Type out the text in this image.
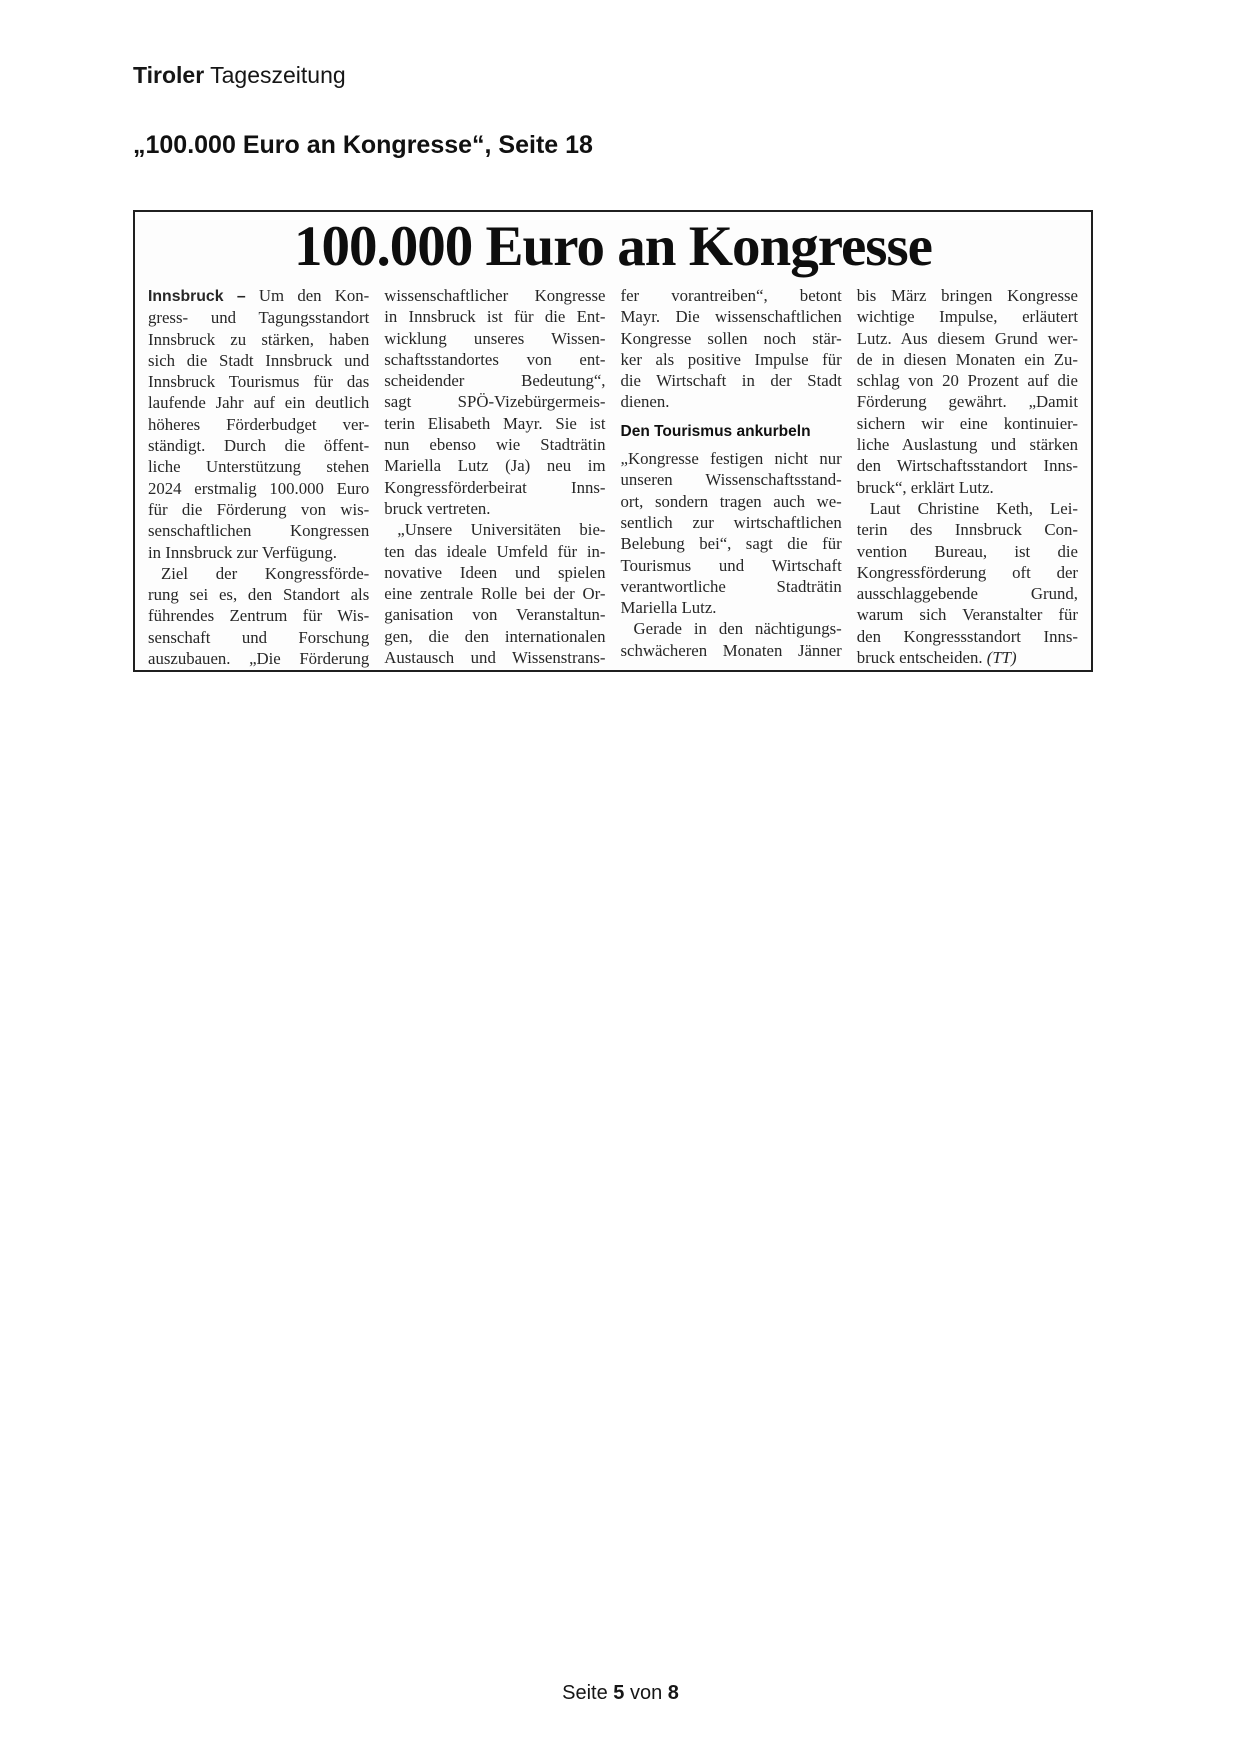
Tiroler Tageszeitung
„100.000 Euro an Kongresse“, Seite 18
100.000 Euro an Kongresse
Innsbruck – Um den Kon-
gress- und Tagungsstandort
Innsbruck zu stärken, haben
sich die Stadt Innsbruck und
Innsbruck Tourismus für das
laufende Jahr auf ein deutlich
höheres Förderbudget ver-
ständigt. Durch die öffent-
liche Unterstützung stehen
2024 erstmalig 100.000 Euro
für die Förderung von wis-
senschaftlichen Kongressen
in Innsbruck zur Verfügung.
Ziel der Kongressförde-
rung sei es, den Standort als
führendes Zentrum für Wis-
senschaft und Forschung
auszubauen. „Die Förderung
wissenschaftlicher Kongresse
in Innsbruck ist für die Ent-
wicklung unseres Wissen-
schaftsstandortes von ent-
scheidender Bedeutung“,
sagt SPÖ-Vizebürgermeis-
terin Elisabeth Mayr. Sie ist
nun ebenso wie Stadträtin
Mariella Lutz (Ja) neu im
Kongressförderbeirat Inns-
bruck vertreten.
„Unsere Universitäten bie-
ten das ideale Umfeld für in-
novative Ideen und spielen
eine zentrale Rolle bei der Or-
ganisation von Veranstaltun-
gen, die den internationalen
Austausch und Wissenstrans-
fer vorantreiben“, betont
Mayr. Die wissenschaftlichen
Kongresse sollen noch stär-
ker als positive Impulse für
die Wirtschaft in der Stadt
dienen.
Den Tourismus ankurbeln
„Kongresse festigen nicht nur
unseren Wissenschaftsstand-
ort, sondern tragen auch we-
sentlich zur wirtschaftlichen
Belebung bei“, sagt die für
Tourismus und Wirtschaft
verantwortliche Stadträtin
Mariella Lutz.
Gerade in den nächtigungs-
schwächeren Monaten Jänner
bis März bringen Kongresse
wichtige Impulse, erläutert
Lutz. Aus diesem Grund wer-
de in diesen Monaten ein Zu-
schlag von 20 Prozent auf die
Förderung gewährt. „Damit
sichern wir eine kontinuier-
liche Auslastung und stärken
den Wirtschaftsstandort Inns-
bruck“, erklärt Lutz.
Laut Christine Keth, Lei-
terin des Innsbruck Con-
vention Bureau, ist die
Kongressförderung oft der
ausschlaggebende Grund,
warum sich Veranstalter für
den Kongressstandort Inns-
bruck entscheiden. (TT)
Seite 5 von 8
